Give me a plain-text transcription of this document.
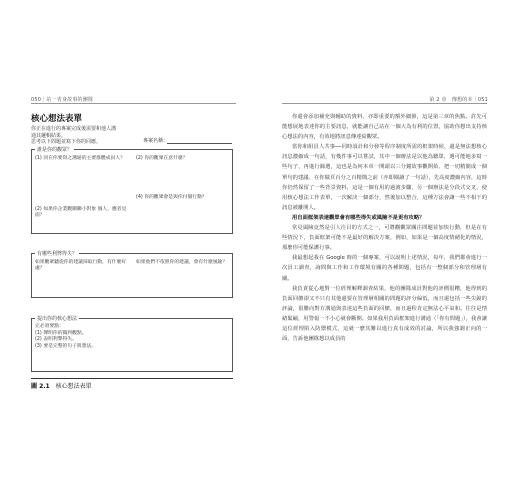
050｜站一省身故事的團隊
核心想法表單
你正在進行的專案完成後需要和他人溝
通其邏輯結果。
思考以下問題並寫下你的回應。	專案名稱：
誰是你的觀眾？
(1) 同在你要寫之溝通的主要群體成員人？	(2) 你的觀眾在意什麼？
(4) 你的觀眾會是與你付個行動？
(2) 如果你企業觀關聯小對象 個人，應者見面？
有哪些利弊得失？
如果觀眾聽從你的建議採取行動，有什麼好處？
如果他們不依照你的建議，會有什麼風險？
提出你的核心想法
完必須要點：
(1) 聲明你的獨到觀點。
(2) 表明利弊得失。
(3) 要是完整的句子與想法。
圖 2.1 核心想法表單
第 2 章　傳想的本｜051

你還會添加補充與輔助的資料，亦即重要的額外細節，這是第三章的焦點。許先可能想展地表達你的主要訊息，就能讓自己站在一個大為有利的位置，協助你想出支持核心想法的內容，有效地將訊息傳達給觀眾。

當你和組員人共事──同時設計和分發等程序制度所需的框架時候，還是無法想核心訊息濃縮成一句話，有幾件事可以嘗試，其中一個辦法是以他為聽眾，遇可能地多寫一些句子，再進行篩選，這也是為何本章一開頭以三分鐘故事觀開始、把一切精簡成一個單句的建議、在你做頁百分之百精簡之前（亦即閱讀了一句話），先高度濃縮內容，這時你仍然保留了一些背景資料，這是一個有用的過渡步驟，另一個辦法是分段式交叉，使用核心想法工作表單，一次解決一個部分，然後加以整合，這種方法會讓一些不相干的訊息被離開人。

用自面框架表達觀眾會有哪些得失或風險不是更有攻略？

常見風險竟然是引人注目的方式之一，可將觀觀眾關注問題並加快行動，但是在有些情況下，負面框架可能不是最好的解決方案，例如，如果是一個高度情緒化的情況，那麼你可能保護行事。

我最想起我在 Google 時的一個專案，可以說明上述情況，每年，我們都會進行一次員工調查，詢問與工作和工作環境有關的各種問題，包括有一整個部分和管理層有關。

我負責從心地對一位經理解釋調查結果，他的團隊成員對他的評價很糟，他得到的負面回饋卻又不只有其他還要在管理層相關的問題的評分偏低，而且還包括一些尖銳的評論，很難向對方溝通與表達這些負面的回饋，而且過程肯定無法心平氣和。往往是情緒緊繃，用警報一不小心就會斷開。如果我用負面框架進行溝通（「你有問題」），我會讓這位經理陷入防禦模式，這就一麼其難以進行真有成效的討論，所以我強調正向的一面，告訴他團隊想以成員的
